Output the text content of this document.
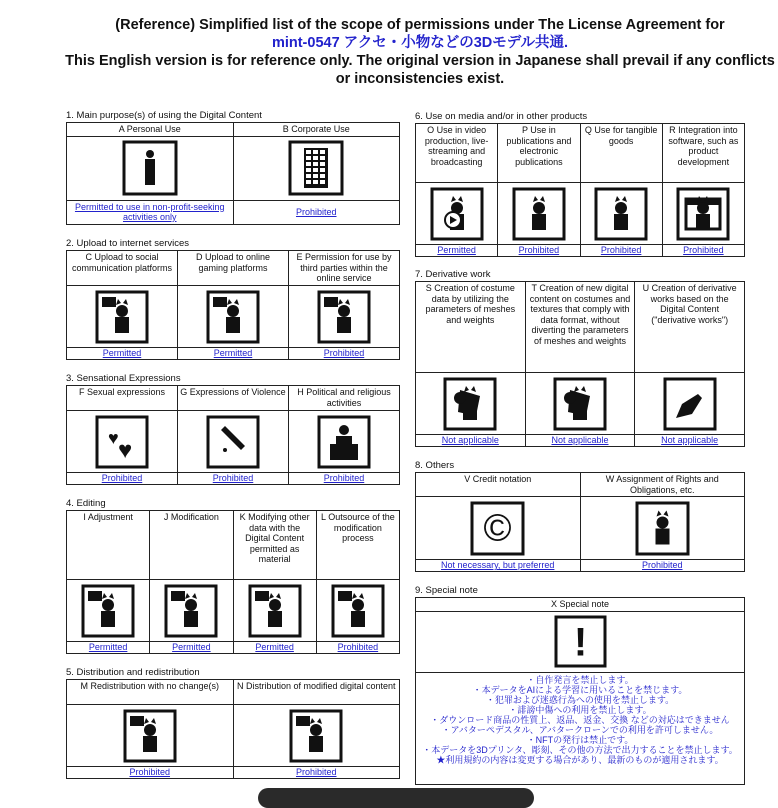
(Reference) Simplified list of the scope of permissions under The License Agreement for
mint-0547 アクセ・小物などの3Dモデル共通.
This English version is for reference only. The original version in Japanese shall prevail if any conflicts or inconsistencies exist.
1. Main purpose(s) of using the Digital Content
A Personal Use	B Corporate Use

Permitted to use in non-profit-seeking activities only	Prohibited
2. Upload to internet services
C Upload to social communication platforms	D Upload to online gaming platforms	E Permission for use by third parties within the online service

Permitted	Permitted	Prohibited
3. Sensational Expressions
F Sexual expressions	G Expressions of Violence	H Political and religious activities

♥ ♥

Prohibited	Prohibited	Prohibited
4. Editing
I Adjustment	J Modification	K Modifying other data with the Digital Content permitted as material	L Outsource of the modification process

Permitted	Permitted	Permitted	Prohibited
5. Distribution and redistribution
M Redistribution with no change(s)	N Distribution of modified digital content

Prohibited	Prohibited
6. Use on media and/or in other products
O Use in video production, live-streaming and broadcasting	P Use in publications and electronic publications	Q Use for tangible goods	R Integration into software, such as product development

Permitted	Prohibited	Prohibited	Prohibited
7. Derivative work
S Creation of costume data by utilizing the parameters of meshes and weights	T Creation of new digital content on costumes and textures that comply with data format, without diverting the parameters of meshes and weights	U Creation of derivative works based on the Digital Content ("derivative works")

Not applicable	Not applicable	Not applicable
8. Others
V Credit notation	W Assignment of Rights and Obligations, etc.

©

Not necessary, but preferred	Prohibited
9. Special note
X Special note

!

・自作発言を禁止します。
・本データをAIによる学習に用いることを禁じます。
・犯罪および迷惑行為への使用を禁止します。
・誹謗中傷への利用を禁止します。
・ダウンロード商品の性質上、返品、返金、交換 などの対応はできません
・アバターペデスタル、アバタークローンでの利用を許可しません。
・NFTの発行は禁止です。
・本データを3Dプリンタ、彫刻、その他の方法で出力することを禁止します。
★利用規約の内容は変更する場合があり、最新のものが適用されます。
